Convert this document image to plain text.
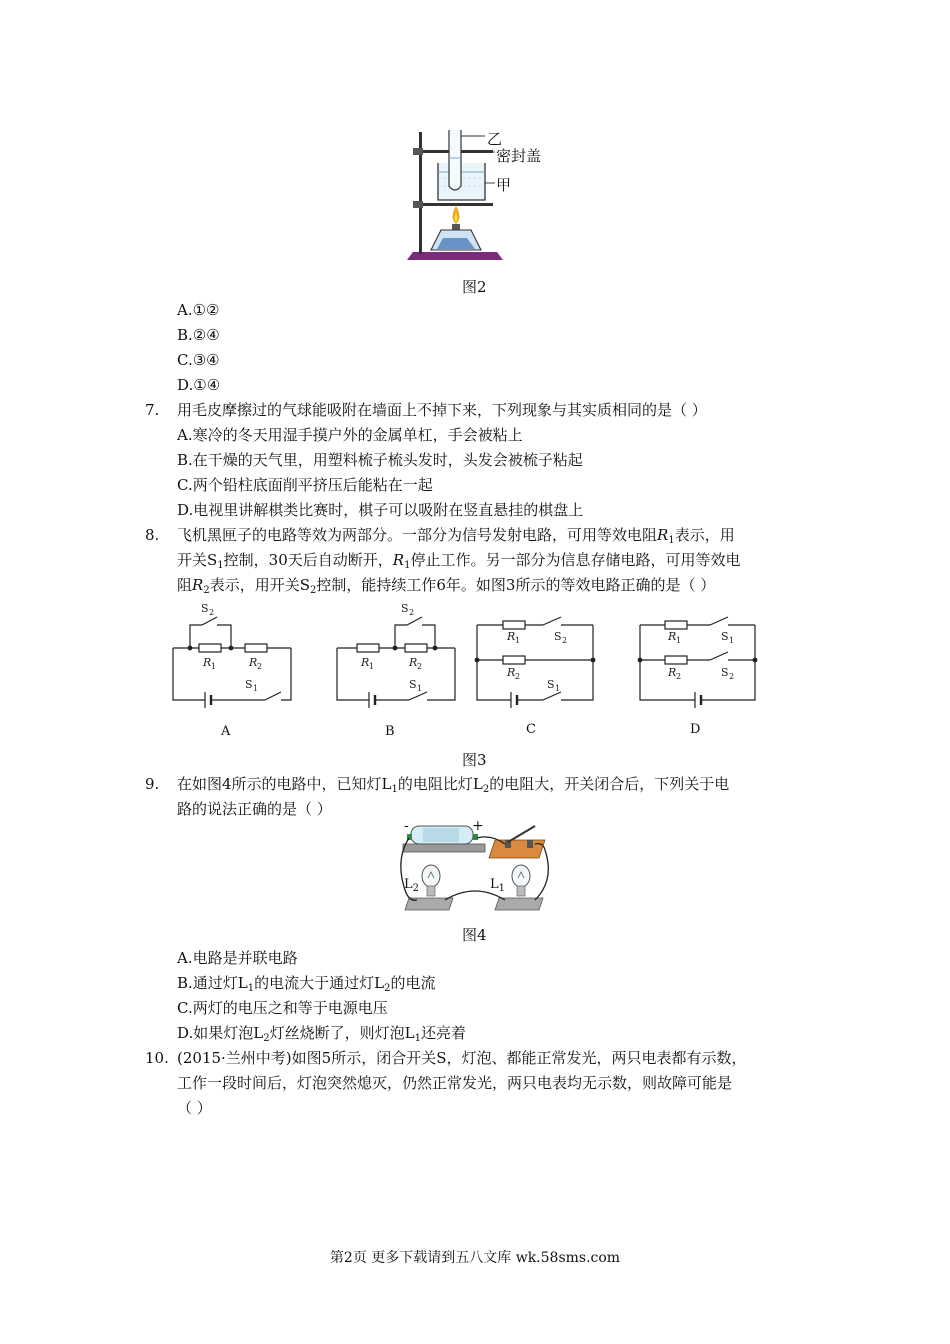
乙
密封盖
甲
图2
A.①②
B.②④
C.③④
D.①④
7. 用毛皮摩擦过的气球能吸附在墙面上不掉下来，下列现象与其实质相同的是（ ）
A.寒冷的冬天用湿手摸户外的金属单杠，手会被粘上
B.在干燥的天气里，用塑料梳子梳头发时，头发会被梳子粘起
C.两个铅柱底面削平挤压后能粘在一起
D.电视里讲解棋类比赛时，棋子可以吸附在竖直悬挂的棋盘上
8. 飞机黑匣子的电路等效为两部分。一部分为信号发射电路，可用等效电阻$R_1$表示，用
开关$S_1$控制，30天后自动断开，$R_1$停止工作。另一部分为信息存储电路，可用等效电
阻$R_2$表示，用开关$S_2$控制，能持续工作6年。如图3所示的等效电路正确的是（ ）
R	R	R	R
R
R
R
R
1	2	1	2
1
2
1
2
S
S
S
S
S
S
S
S
2
1
2
1
2
1
1
2
A	B	C	D
图3
9. 在如图4所示的电路中，已知灯$L_1$的电阻比灯$L_2$的电阻大，开关闭合后，下列关于电
路的说法正确的是（ ）
-	+
$L_2$	$L_1$
图4
A.电路是并联电路
B.通过灯$L_1$的电流大于通过灯$L_2$的电流
C.两灯的电压之和等于电源电压
D.如果灯泡$L_2$灯丝烧断了，则灯泡$L_1$还亮着
10. (2015·兰州中考)如图5所示，闭合开关S，灯泡、都能正常发光，两只电表都有示数，
工作一段时间后，灯泡突然熄灭，仍然正常发光，两只电表均无示数，则故障可能是
（ ）
第2页 更多下载请到五八文库 wk.58sms.com
